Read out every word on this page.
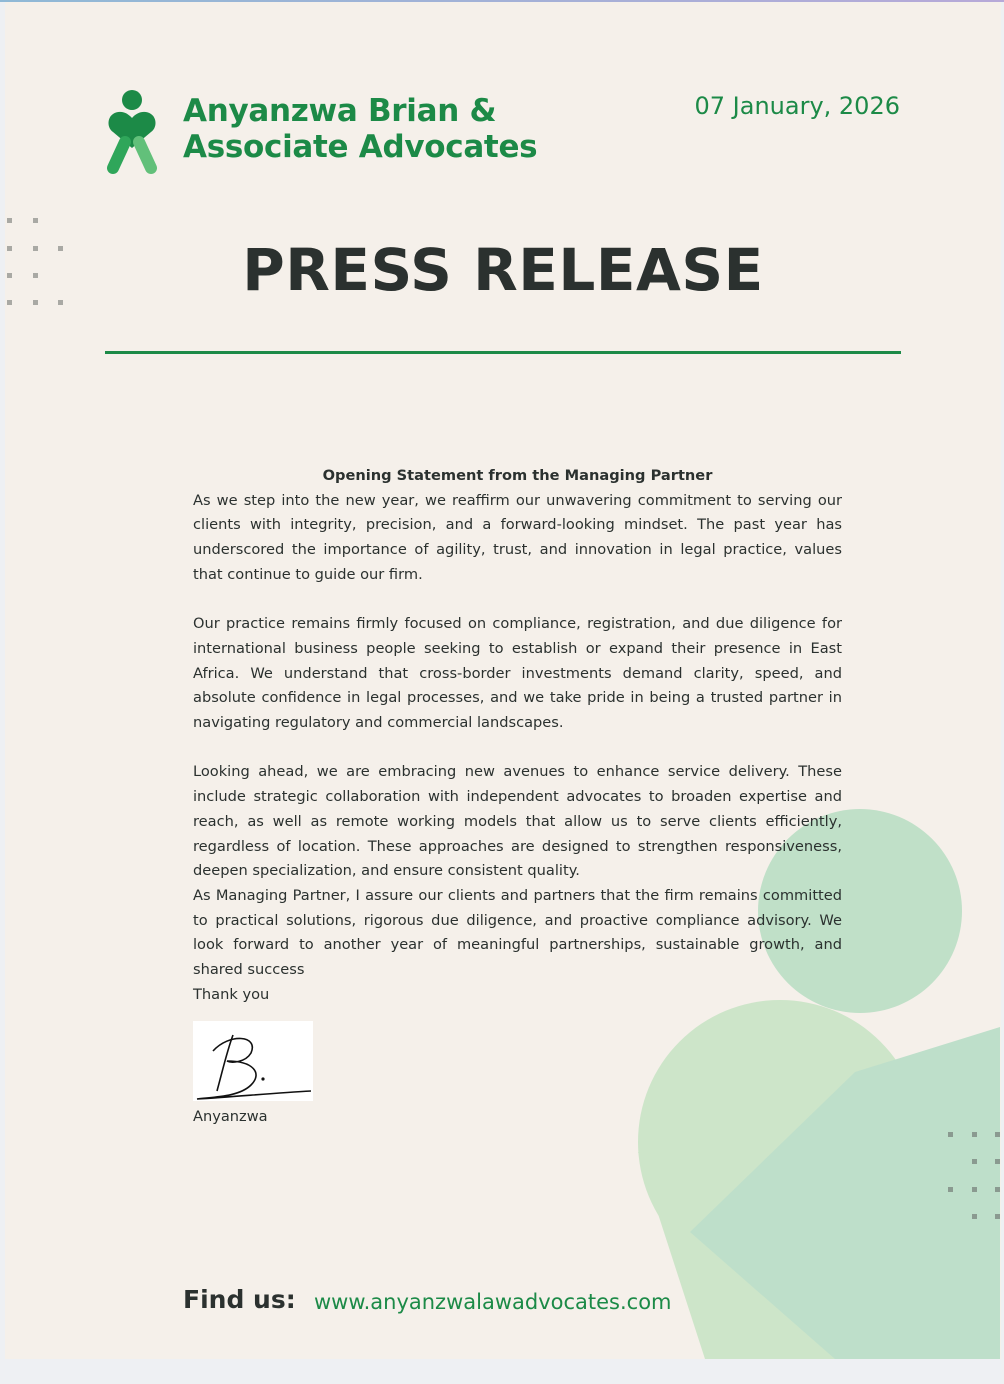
Anyanzwa Brian &
Associate Advocates
07 January, 2026
PRESS RELEASE

Opening Statement from the Managing Partner

As we step into the new year, we reaffirm our unwavering commitment to serving our clients with integrity, precision, and a forward-looking mindset. The past year has underscored the importance of agility, trust, and innovation in legal practice, values that continue to guide our firm.

Our practice remains firmly focused on compliance, registration, and due diligence for international business people seeking to establish or expand their presence in East Africa. We understand that cross-border investments demand clarity, speed, and absolute confidence in legal processes, and we take pride in being a trusted partner in navigating regulatory and commercial landscapes.

Looking ahead, we are embracing new avenues to enhance service delivery. These include strategic collaboration with independent advocates to broaden expertise and reach, as well as remote working models that allow us to serve clients efficiently, regardless of location. These approaches are designed to strengthen responsiveness, deepen specialization, and ensure consistent quality.

As Managing Partner, I assure our clients and partners that the firm remains committed to practical solutions, rigorous due diligence, and proactive compliance advisory. We look forward to another year of meaningful partnerships, sustainable growth, and shared success

Thank you

Anyanzwa
Find us: www.anyanzwalawadvocates.com
